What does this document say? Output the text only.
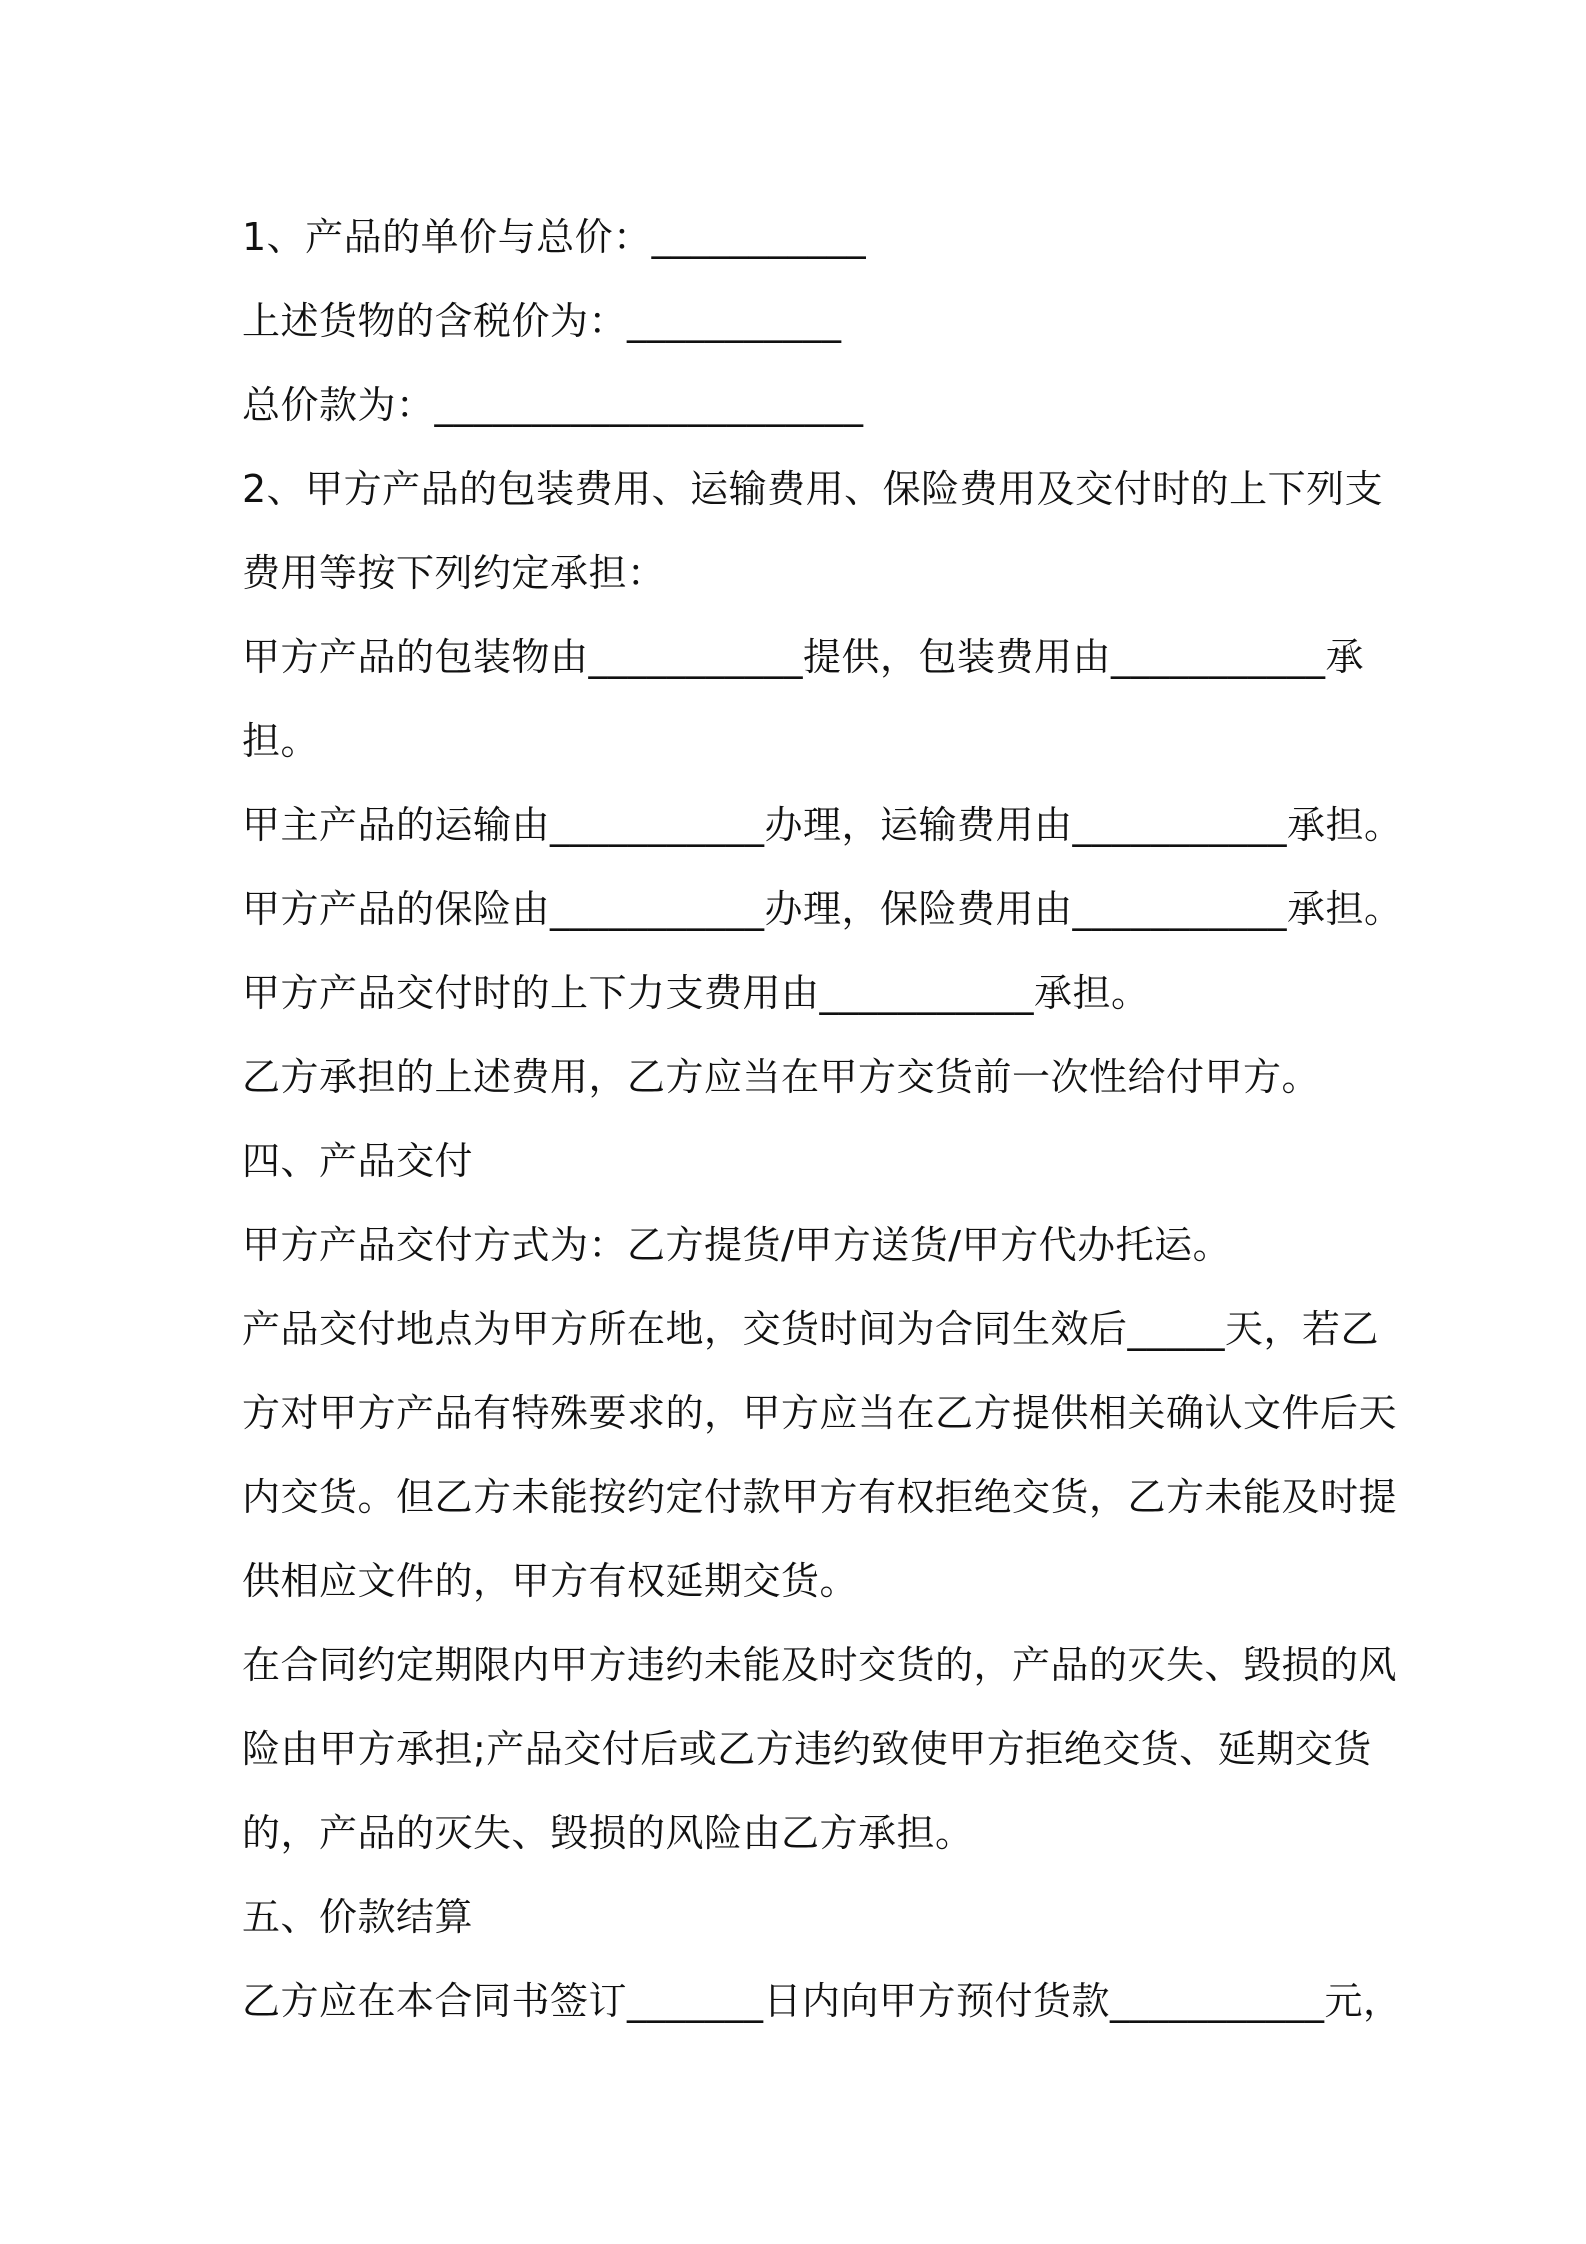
1、产品的单价与总价：___________
上述货物的含税价为：___________
总价款为：______________________
2、甲方产品的包装费用、运输费用、保险费用及交付时的上下列支
费用等按下列约定承担：
甲方产品的包装物由___________提供，包装费用由___________承
担。
甲主产品的运输由___________办理，运输费用由___________承担。
甲方产品的保险由___________办理，保险费用由___________承担。
甲方产品交付时的上下力支费用由___________承担。
乙方承担的上述费用，乙方应当在甲方交货前一次性给付甲方。
四、产品交付
甲方产品交付方式为：乙方提货/甲方送货/甲方代办托运。
产品交付地点为甲方所在地，交货时间为合同生效后_____天，若乙
方对甲方产品有特殊要求的，甲方应当在乙方提供相关确认文件后天
内交货。但乙方未能按约定付款甲方有权拒绝交货，乙方未能及时提
供相应文件的，甲方有权延期交货。
在合同约定期限内甲方违约未能及时交货的，产品的灭失、毁损的风
险由甲方承担;产品交付后或乙方违约致使甲方拒绝交货、延期交货
的，产品的灭失、毁损的风险由乙方承担。
五、价款结算
乙方应在本合同书签订_______日内向甲方预付货款___________元，
